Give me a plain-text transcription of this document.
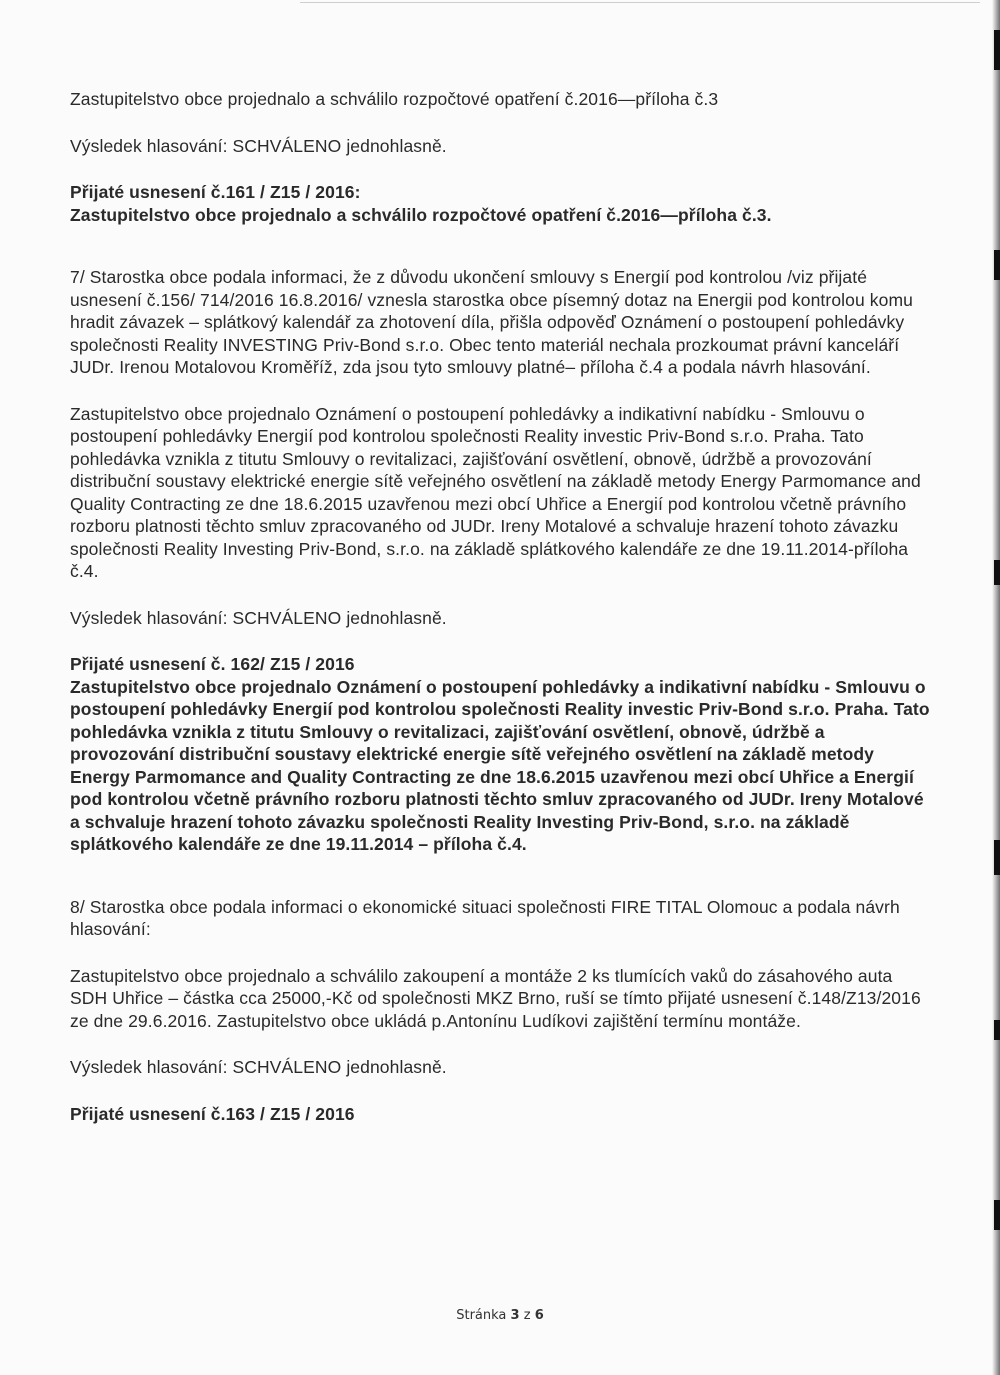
Zastupitelstvo obce projednalo a schválilo rozpočtové opatření č.2016—příloha č.3

Výsledek hlasování: SCHVÁLENO jednohlasně.

Přijaté usnesení č.161 / Z15 / 2016:

Zastupitelstvo obce projednalo a schválilo rozpočtové opatření č.2016—příloha č.3.

7/ Starostka obce podala informaci, že z důvodu ukončení smlouvy s Energií pod kontrolou /viz přijaté usnesení č.156/ 714/2016 16.8.2016/ vznesla starostka obce písemný dotaz na Energii pod kontrolou komu hradit závazek – splátkový kalendář za zhotovení díla, přišla odpověď Oznámení o postoupení pohledávky společnosti Reality INVESTING Priv-Bond s.r.o. Obec tento materiál nechala prozkoumat právní kanceláří JUDr. Irenou Motalovou Kroměříž, zda jsou tyto smlouvy platné– příloha č.4 a podala návrh hlasování.

Zastupitelstvo obce projednalo Oznámení o postoupení pohledávky a indikativní nabídku - Smlouvu o postoupení pohledávky Energií pod kontrolou společnosti Reality investic Priv-Bond s.r.o. Praha. Tato pohledávka vznikla z titutu Smlouvy o revitalizaci, zajišťování osvětlení, obnově, údržbě a provozování distribuční soustavy elektrické energie sítě veřejného osvětlení na základě metody Energy Parmomance and Quality Contracting ze dne 18.6.2015 uzavřenou mezi obcí Uhřice a Energií pod kontrolou včetně právního rozboru platnosti těchto smluv zpracovaného od JUDr. Ireny Motalové a schvaluje hrazení tohoto závazku společnosti Reality Investing Priv-Bond, s.r.o. na základě splátkového kalendáře ze dne 19.11.2014-příloha č.4.

Výsledek hlasování: SCHVÁLENO jednohlasně.

Přijaté usnesení č. 162/ Z15 / 2016

Zastupitelstvo obce projednalo Oznámení o postoupení pohledávky a indikativní nabídku - Smlouvu o postoupení pohledávky Energií pod kontrolou společnosti Reality investic Priv-Bond s.r.o. Praha. Tato pohledávka vznikla z titutu Smlouvy o revitalizaci, zajišťování osvětlení, obnově, údržbě a provozování distribuční soustavy elektrické energie sítě veřejného osvětlení na základě metody Energy Parmomance and Quality Contracting ze dne 18.6.2015 uzavřenou mezi obcí Uhřice a Energií pod kontrolou včetně právního rozboru platnosti těchto smluv zpracovaného od JUDr. Ireny Motalové a schvaluje hrazení tohoto závazku společnosti Reality Investing Priv-Bond, s.r.o. na základě splátkového kalendáře ze dne 19.11.2014 – příloha č.4.

8/ Starostka obce podala informaci o ekonomické situaci společnosti FIRE TITAL Olomouc a podala návrh hlasování:

Zastupitelstvo obce projednalo a schválilo zakoupení a montáže 2 ks tlumících vaků do zásahového auta SDH Uhřice – částka cca 25000,-Kč od společnosti MKZ Brno, ruší se tímto přijaté usnesení č.148/Z13/2016 ze dne 29.6.2016. Zastupitelstvo obce ukládá p.Antonínu Ludíkovi zajištění termínu montáže.

Výsledek hlasování: SCHVÁLENO jednohlasně.

Přijaté usnesení č.163 / Z15 / 2016

Stránka 3 z 6
